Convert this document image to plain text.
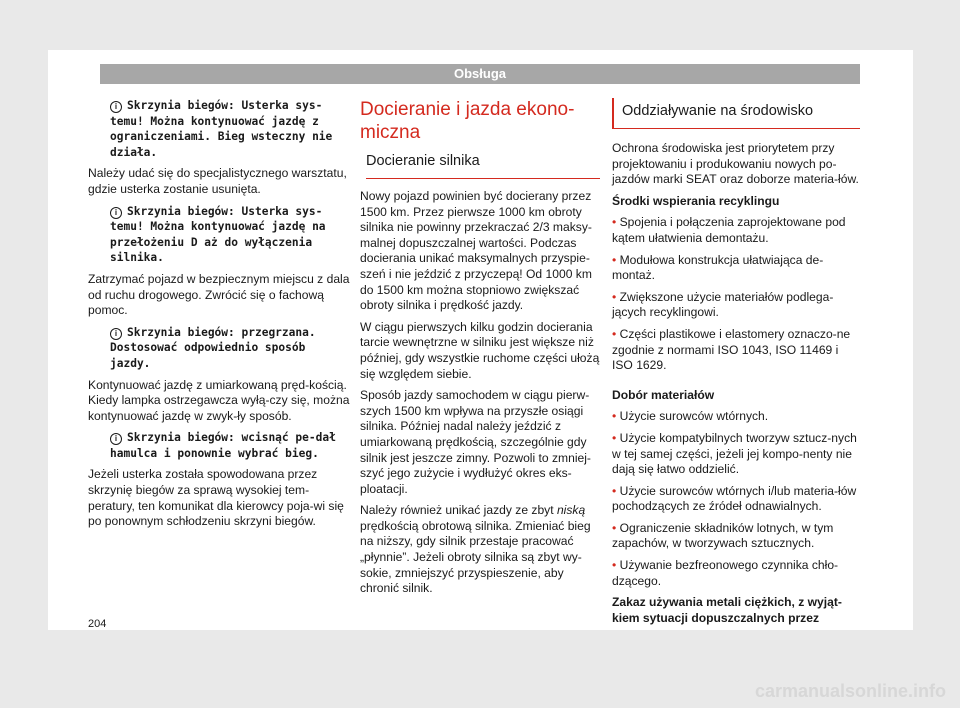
Obsługa
i Skrzynia biegów: Usterka sys-temu! Można kontynuować jazdę z ograniczeniami. Bieg wsteczny nie działa.

Należy udać się do specjalistycznego warsztatu, gdzie usterka zostanie usunięta.

i Skrzynia biegów: Usterka sys-temu! Można kontynuować jazdę na przełożeniu D aż do wyłączenia silnika.

Zatrzymać pojazd w bezpiecznym miejscu z dala od ruchu drogowego. Zwrócić się o fachową pomoc.

i Skrzynia biegów: przegrzana. Dostosować odpowiednio sposób jazdy.

Kontynuować jazdę z umiarkowaną pręd-kością. Kiedy lampka ostrzegawcza wyłą-czy się, można kontynuować jazdę w zwyk-ły sposób.

i Skrzynia biegów: wcisnąć pe-dał hamulca i ponownie wybrać bieg.

Jeżeli usterka została spowodowana przez skrzynię biegów za sprawą wysokiej tem-peratury, ten komunikat dla kierowcy poja-wi się po ponownym schłodzeniu skrzyni biegów.

Docieranie i jazda ekono-miczna
Docieranie silnika

Nowy pojazd powinien być docierany przez 1500 km. Przez pierwsze 1000 km obroty silnika nie powinny przekraczać 2/3 maksy-malnej dopuszczalnej wartości. Podczas docierania unikać maksymalnych przyspie-szeń i nie jeździć z przyczepą! Od 1000 km do 1500 km można stopniowo zwiększać obroty silnika i prędkość jazdy.

W ciągu pierwszych kilku godzin docierania tarcie wewnętrzne w silniku jest większe niż później, gdy wszystkie ruchome części ułożą się względem siebie.

Sposób jazdy samochodem w ciągu pierw-szych 1500 km wpływa na przyszłe osiągi silnika. Później nadal należy jeździć z umiarkowaną prędkością, szczególnie gdy silnik jest jeszcze zimny. Pozwoli to zmniej-szyć jego zużycie i wydłużyć okres eks-ploatacji.

Należy również unikać jazdy ze zbyt niską prędkością obrotową silnika. Zmieniać bieg na niższy, gdy silnik przestaje pracować „płynnie”. Jeżeli obroty silnika są zbyt wy-sokie, zmniejszyć przyspieszenie, aby chronić silnik.

Oddziaływanie na środowisko

Ochrona środowiska jest priorytetem przy projektowaniu i produkowaniu nowych po-jazdów marki SEAT oraz doborze materia-łów.

Środki wspierania recyklingu

• Spojenia i połączenia zaprojektowane pod kątem ułatwienia demontażu.

• Modułowa konstrukcja ułatwiająca de-montaż.

• Zwiększone użycie materiałów podlega-jących recyklingowi.

• Części plastikowe i elastomery oznaczo-ne zgodnie z normami ISO 1043, ISO 11469 i ISO 1629.

Dobór materiałów

• Użycie surowców wtórnych.

• Użycie kompatybilnych tworzyw sztucz-nych w tej samej części, jeżeli jej kompo-nenty nie dają się łatwo oddzielić.

• Użycie surowców wtórnych i/lub materia-łów pochodzących ze źródeł odnawialnych.

• Ograniczenie składników lotnych, w tym zapachów, w tworzywach sztucznych.

• Używanie bezfreonowego czynnika chło-dzącego.

Zakaz używania metali ciężkich, z wyjąt-kiem sytuacji dopuszczalnych przez

204
carmanualsonline.info
